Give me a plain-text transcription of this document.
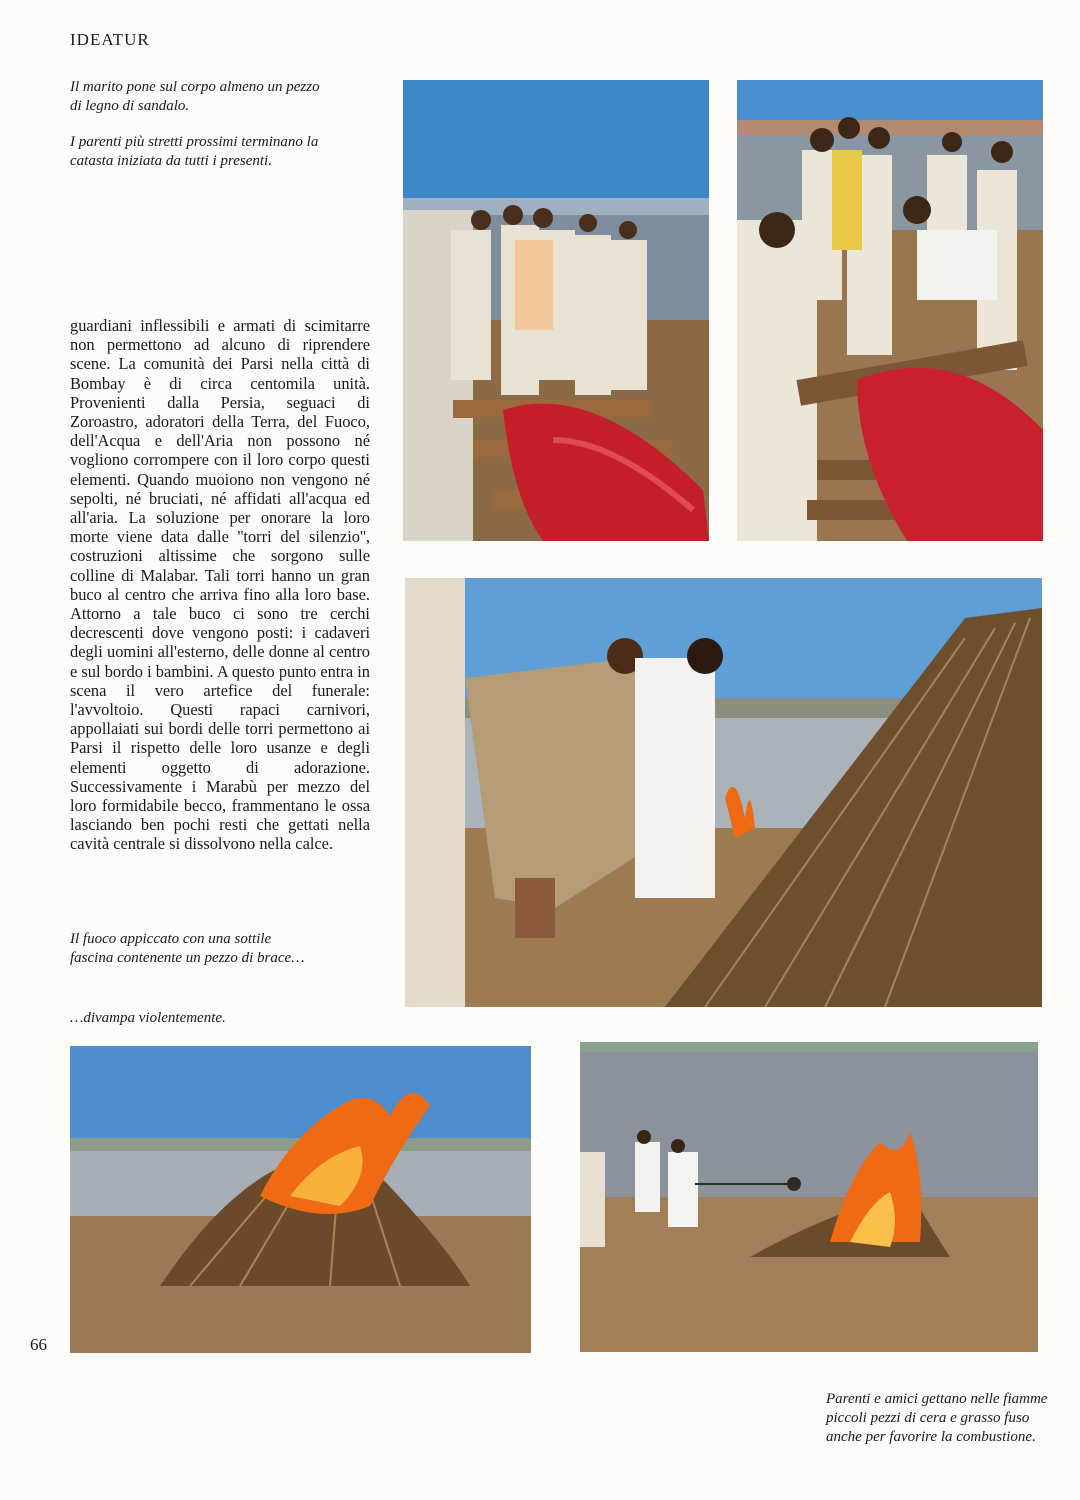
IDEATUR

Il marito pone sul corpo almeno un pezzo di legno di sandalo.

I parenti più stretti prossimi terminano la catasta iniziata da tutti i presenti.

guardiani inflessibili e armati di scimitarre non permettono ad alcuno di riprendere scene. La comunità dei Parsi nella città di Bombay è di circa centomila unità. Provenienti dalla Persia, seguaci di Zoroastro, adoratori della Terra, del Fuoco, dell'Acqua e dell'Aria non possono né vogliono corrompere con il loro corpo questi elementi. Quando muoiono non vengono né sepolti, né bruciati, né affidati all'acqua ed all'aria. La soluzione per onorare la loro morte viene data dalle ''torri del silenzio'', costruzioni altissime che sorgono sulle colline di Malabar. Tali torri hanno un gran buco al centro che arriva fino alla loro base. Attorno a tale buco ci sono tre cerchi decrescenti dove vengono posti: i cadaveri degli uomini all'esterno, delle donne al centro e sul bordo i bambini. A questo punto entra in scena il vero artefice del funerale: l'avvoltoio. Questi rapaci carnivori, appollaiati sui bordi delle torri permettono ai Parsi il rispetto delle loro usanze e degli elementi oggetto di adorazione. Successivamente i Marabù per mezzo del loro formidabile becco, frammentano le ossa lasciando ben pochi resti che gettati nella cavità centrale si dissolvono nella calce.

Il fuoco appiccato con una sottile fascina contenente un pezzo di brace…
…divampa violentemente.
Parenti e amici gettano nelle fiamme piccoli pezzi di cera e grasso fuso anche per favorire la combustione.
66
